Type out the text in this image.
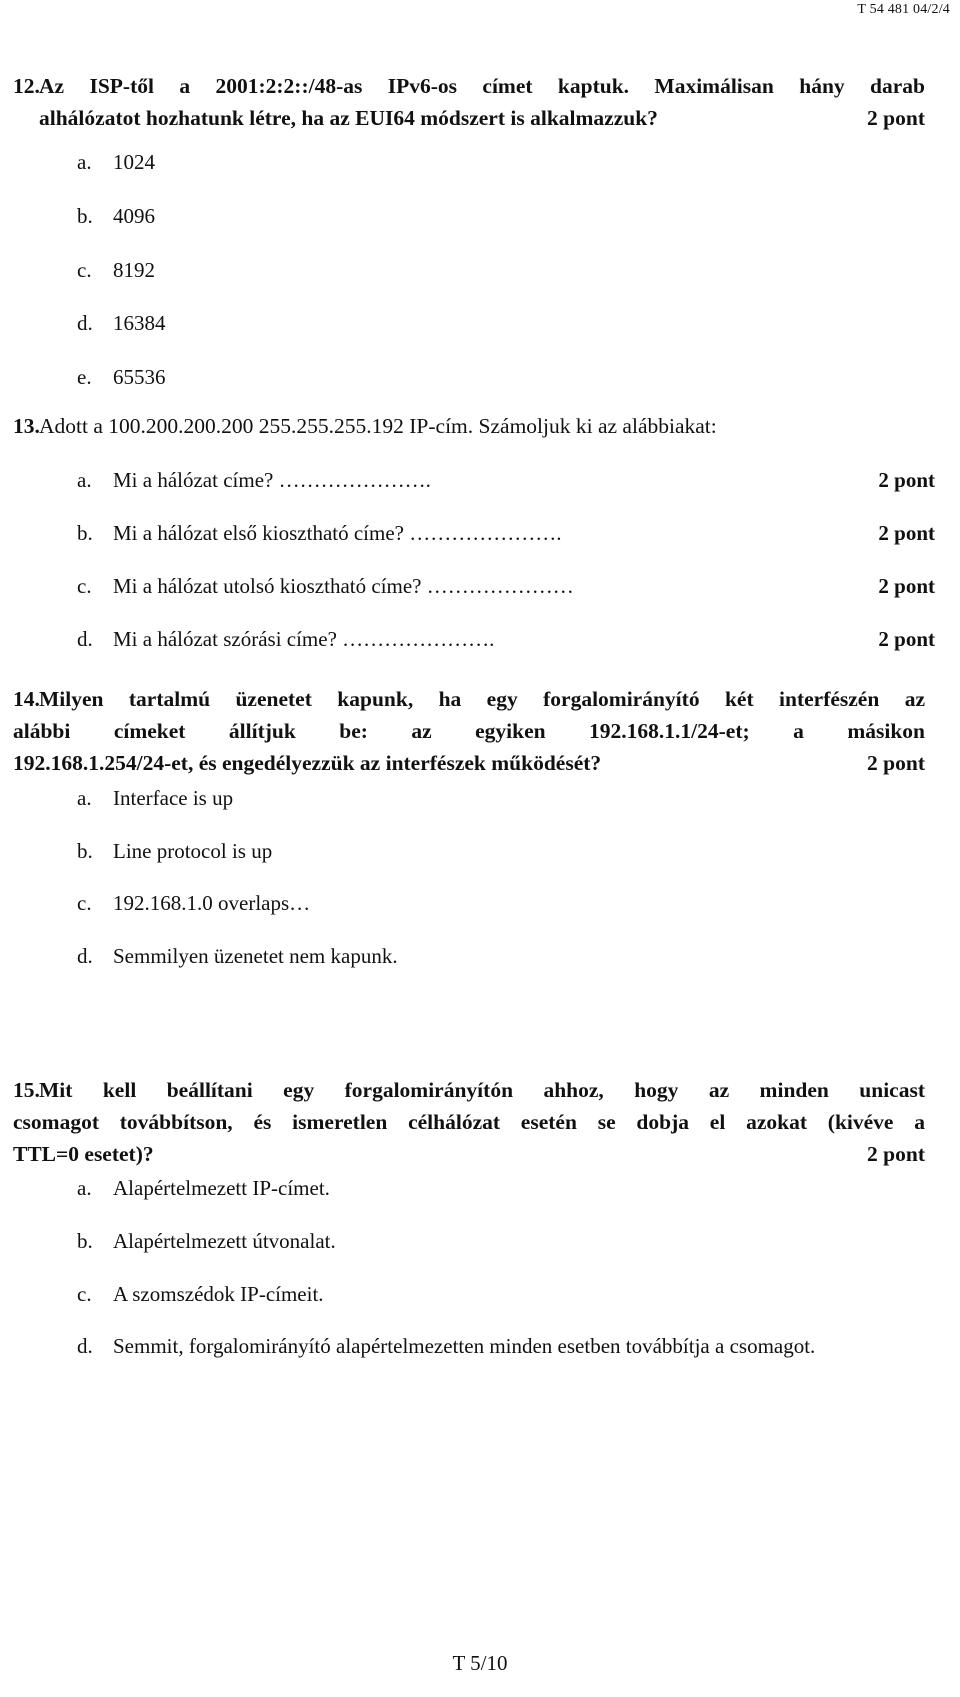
T 54 481 04/2/4
12. Az ISP-től a 2001:2:2::/48-as IPv6-os címet kaptuk. Maximálisan hány darab
alhálózatot hozhatunk létre, ha az EUI64 módszert is alkalmazzuk?	2 pont
a.	1024
b. 4096
c.	8192
d. 16384
e.	65536
13. Adott a 100.200.200.200 255.255.255.192 IP-cím. Számoljuk ki az alábbiakat:
a.	Mi a hálózat címe? ………………….	2 pont
b. Mi a hálózat első kiosztható címe? ………………….	2 pont
c.	Mi a hálózat utolsó kiosztható címe? …………………	2 pont
d. Mi a hálózat szórási címe? ………………….	2 pont
14. Milyen tartalmú üzenetet kapunk, ha egy forgalomirányító két interfészén az
alábbi címeket állítjuk be: az egyiken 192.168.1.1/24-et; a másikon
192.168.1.254/24-et, és engedélyezzük az interfészek működését?	2 pont
a.	Interface is up
b. Line protocol is up
c.	192.168.1.0 overlaps…
d. Semmilyen üzenetet nem kapunk.
15. Mit kell beállítani egy forgalomirányítón ahhoz, hogy az minden unicast
csomagot továbbítson, és ismeretlen célhálózat esetén se dobja el azokat (kivéve a
TTL=0 esetet)?	2 pont
a.	Alapértelmezett IP-címet.
b. Alapértelmezett útvonalat.
c.	A szomszédok IP-címeit.
d. Semmit, forgalomirányító alapértelmezetten minden esetben továbbítja a csomagot.
T 5/10
